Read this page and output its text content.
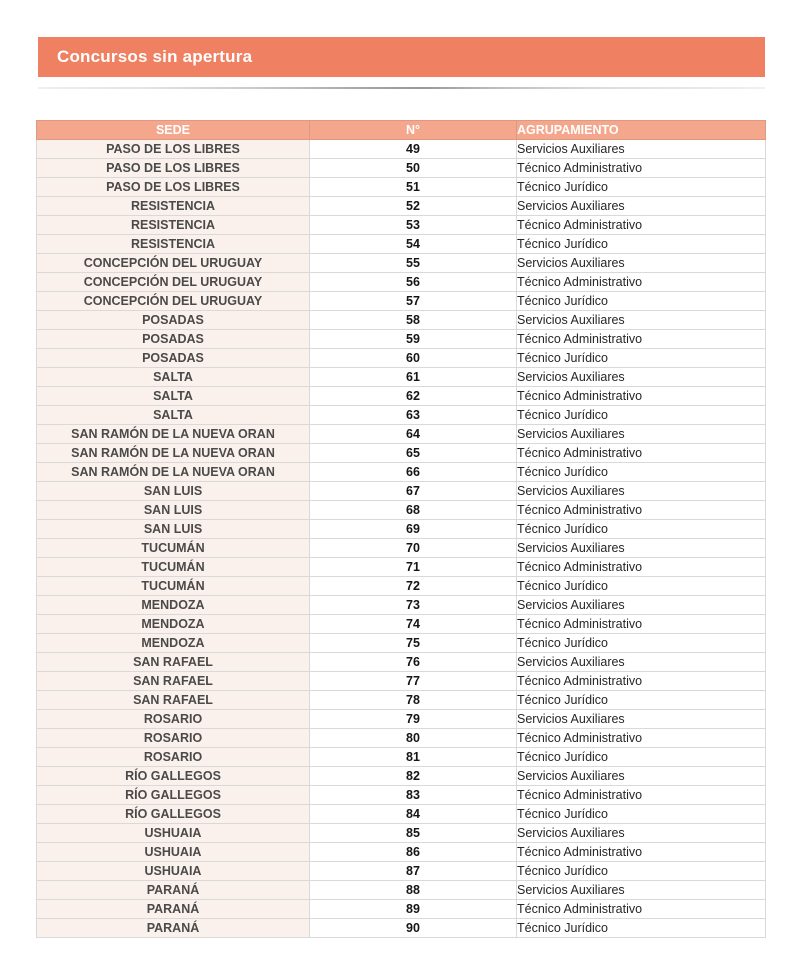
Concursos sin apertura
SEDE	N°	AGRUPAMIENTO
PASO DE LOS LIBRES	49	Servicios Auxiliares
PASO DE LOS LIBRES	50	Técnico Administrativo
PASO DE LOS LIBRES	51	Técnico Jurídico
RESISTENCIA	52	Servicios Auxiliares
RESISTENCIA	53	Técnico Administrativo
RESISTENCIA	54	Técnico Jurídico
CONCEPCIÓN DEL URUGUAY	55	Servicios Auxiliares
CONCEPCIÓN DEL URUGUAY	56	Técnico Administrativo
CONCEPCIÓN DEL URUGUAY	57	Técnico Jurídico
POSADAS	58	Servicios Auxiliares
POSADAS	59	Técnico Administrativo
POSADAS	60	Técnico Jurídico
SALTA	61	Servicios Auxiliares
SALTA	62	Técnico Administrativo
SALTA	63	Técnico Jurídico
SAN RAMÓN DE LA NUEVA ORAN	64	Servicios Auxiliares
SAN RAMÓN DE LA NUEVA ORAN	65	Técnico Administrativo
SAN RAMÓN DE LA NUEVA ORAN	66	Técnico Jurídico
SAN LUIS	67	Servicios Auxiliares
SAN LUIS	68	Técnico Administrativo
SAN LUIS	69	Técnico Jurídico
TUCUMÁN	70	Servicios Auxiliares
TUCUMÁN	71	Técnico Administrativo
TUCUMÁN	72	Técnico Jurídico
MENDOZA	73	Servicios Auxiliares
MENDOZA	74	Técnico Administrativo
MENDOZA	75	Técnico Jurídico
SAN RAFAEL	76	Servicios Auxiliares
SAN RAFAEL	77	Técnico Administrativo
SAN RAFAEL	78	Técnico Jurídico
ROSARIO	79	Servicios Auxiliares
ROSARIO	80	Técnico Administrativo
ROSARIO	81	Técnico Jurídico
RÍO GALLEGOS	82	Servicios Auxiliares
RÍO GALLEGOS	83	Técnico Administrativo
RÍO GALLEGOS	84	Técnico Jurídico
USHUAIA	85	Servicios Auxiliares
USHUAIA	86	Técnico Administrativo
USHUAIA	87	Técnico Jurídico
PARANÁ	88	Servicios Auxiliares
PARANÁ	89	Técnico Administrativo
PARANÁ	90	Técnico Jurídico
